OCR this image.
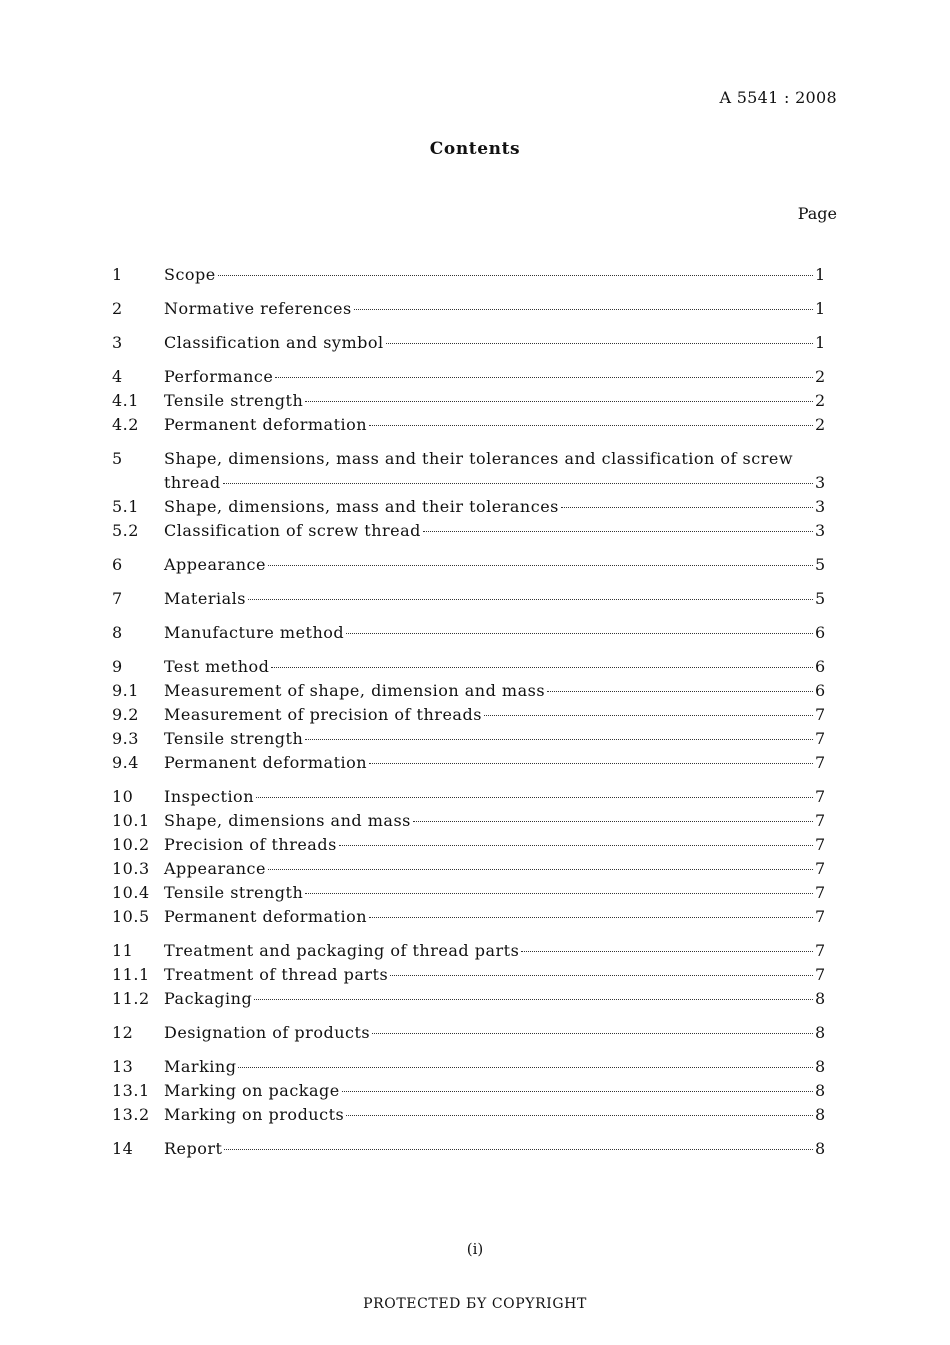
A 5541 : 2008
Contents
Page
1	Scope	1
2	Normative references	1
3	Classification and symbol	1
4	Performance	2
4.1	Tensile strength	2
4.2	Permanent deformation	2
5	Shape, dimensions, mass and their tolerances and classification of screw
thread	3
5.1	Shape, dimensions, mass and their tolerances	3
5.2	Classification of screw thread	3
6	Appearance	5
7	Materials	5
8	Manufacture method	6
9	Test method	6
9.1	Measurement of shape, dimension and mass	6
9.2	Measurement of precision of threads	7
9.3	Tensile strength	7
9.4	Permanent deformation	7
10	Inspection	7
10.1 Shape, dimensions and mass	7
10.2 Precision of threads	7
10.3 Appearance	7
10.4 Tensile strength	7
10.5 Permanent deformation	7
11	Treatment and packaging of thread parts	7
11.1 Treatment of thread parts	7
11.2 Packaging	8
12	Designation of products	8
13	Marking	8
13.1 Marking on package	8
13.2 Marking on products	8
14	Report	8
(i)
PROTECTED БY COPYRIGHT
